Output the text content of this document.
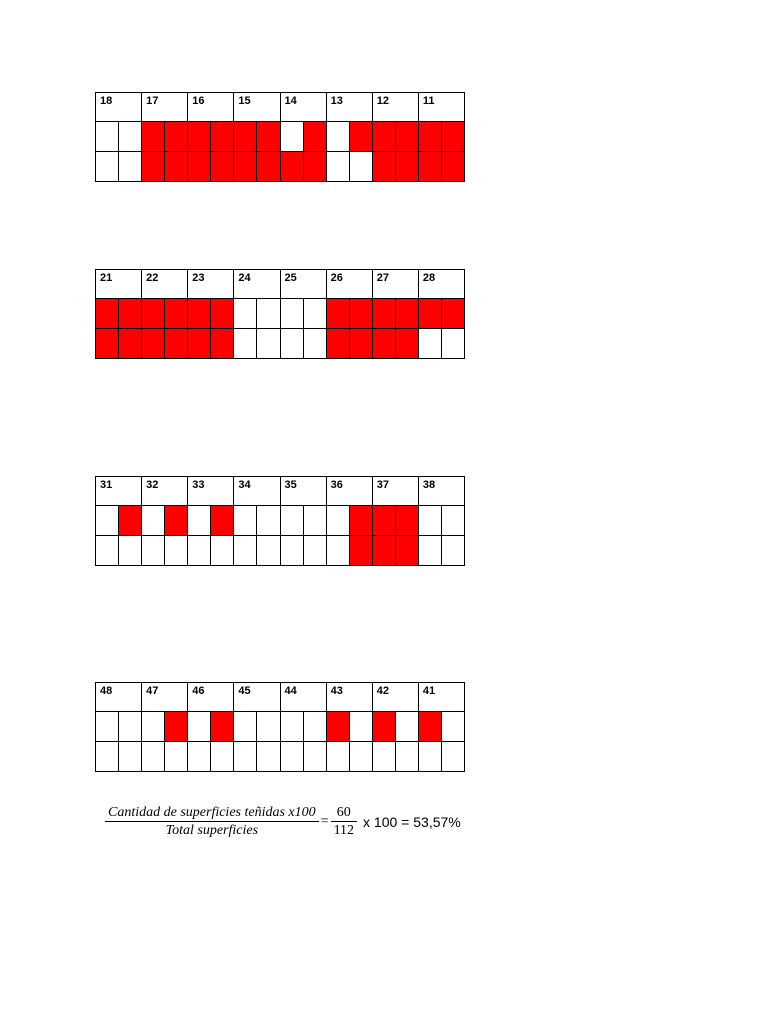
18		17		16		15		14		13		12		11	

21		22		23		24		25		26		27		28	

31		32		33		34		35		36		37		38	

48		47		46		45		44		43		42		41	

$\frac{\text{Cantidad de superficies teñidas x100}}{\text{Total superficies}} = \frac{60}{112}$ x 100 = 53,57%
